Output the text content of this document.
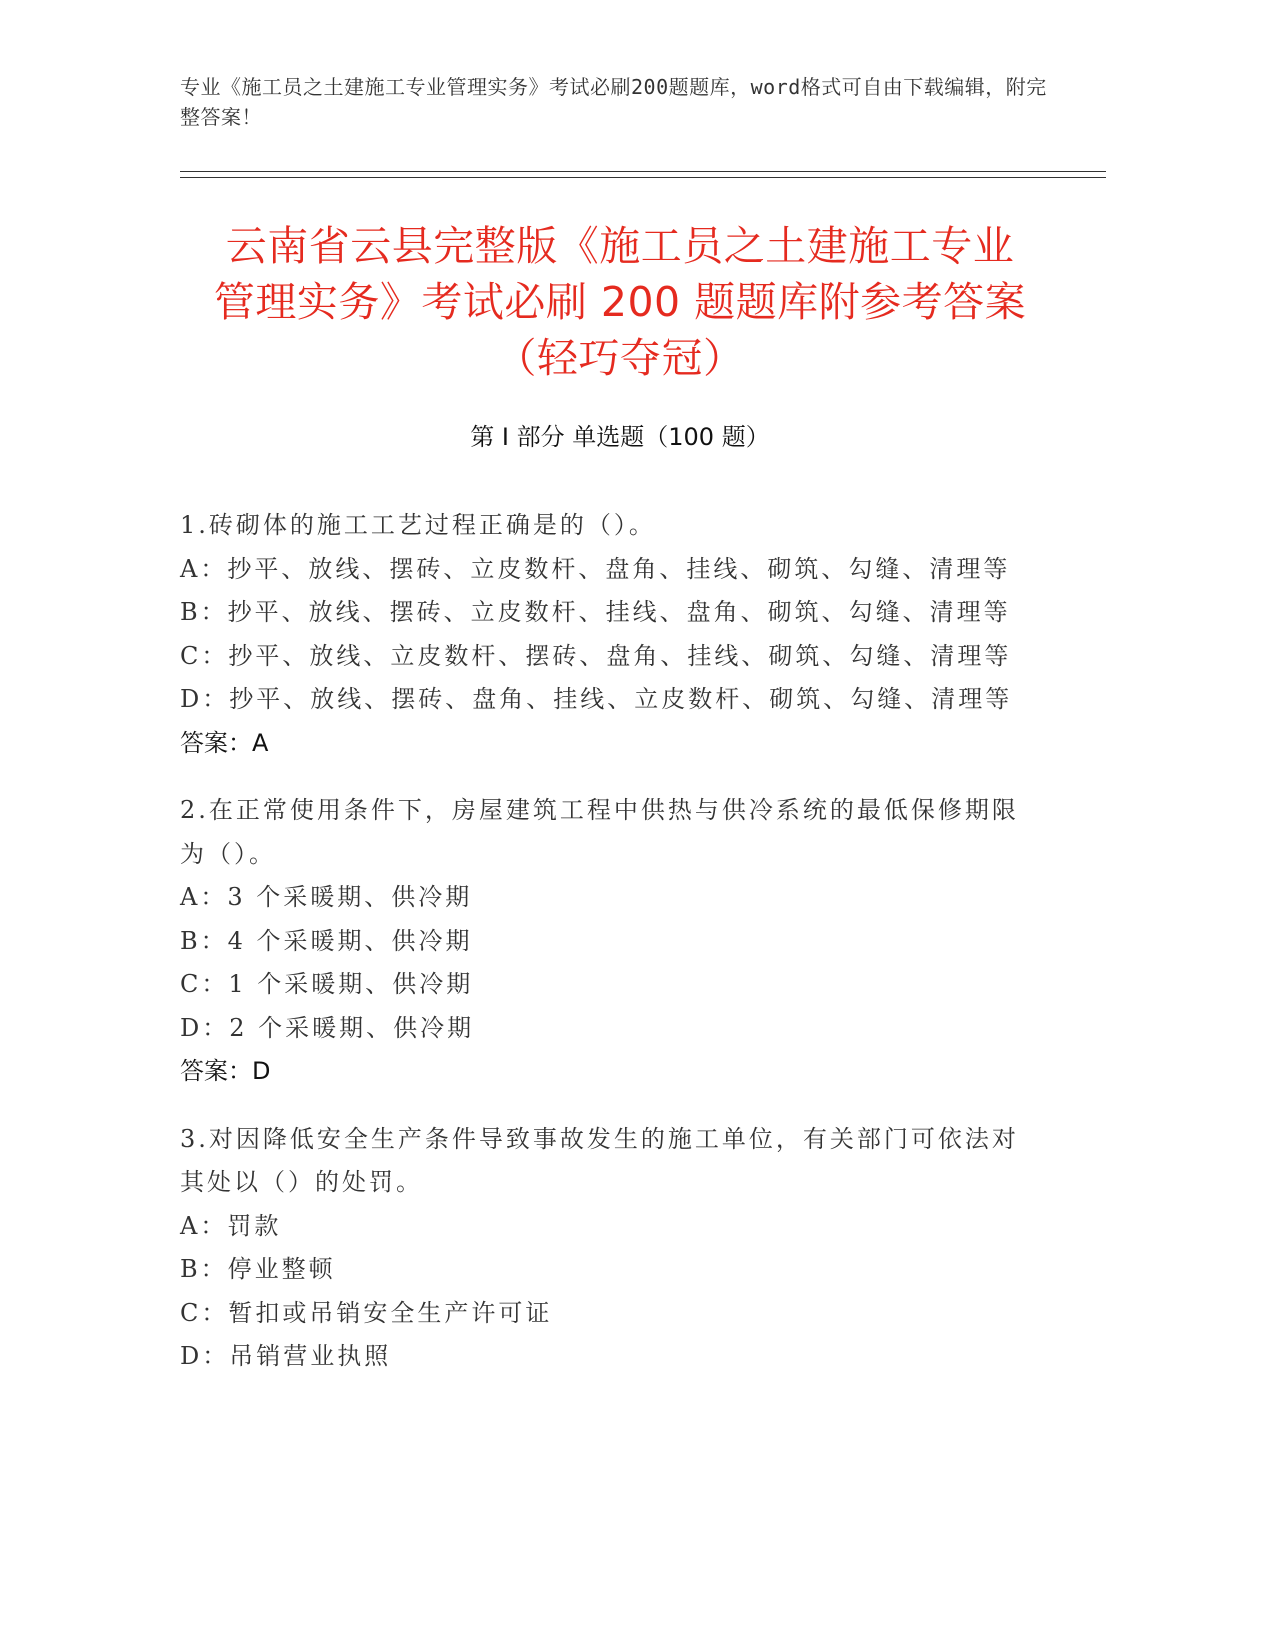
专业《施工员之土建施工专业管理实务》考试必刷200题题库，word格式可自由下载编辑，附完整答案！
云南省云县完整版《施工员之土建施工专业
管理实务》考试必刷 200 题题库附参考答案
（轻巧夺冠）
第 I 部分 单选题（100 题）
1.砖砌体的施工工艺过程正确是的（）。
A：抄平、放线、摆砖、立皮数杆、盘角、挂线、砌筑、勾缝、清理等
B：抄平、放线、摆砖、立皮数杆、挂线、盘角、砌筑、勾缝、清理等
C：抄平、放线、立皮数杆、摆砖、盘角、挂线、砌筑、勾缝、清理等
D：抄平、放线、摆砖、盘角、挂线、立皮数杆、砌筑、勾缝、清理等
答案：A
2.在正常使用条件下，房屋建筑工程中供热与供冷系统的最低保修期限为（）。
A：3 个采暖期、供冷期
B：4 个采暖期、供冷期
C：1 个采暖期、供冷期
D：2 个采暖期、供冷期
答案：D
3.对因降低安全生产条件导致事故发生的施工单位，有关部门可依法对其处以（）的处罚。
A：罚款
B：停业整顿
C：暂扣或吊销安全生产许可证
D：吊销营业执照
